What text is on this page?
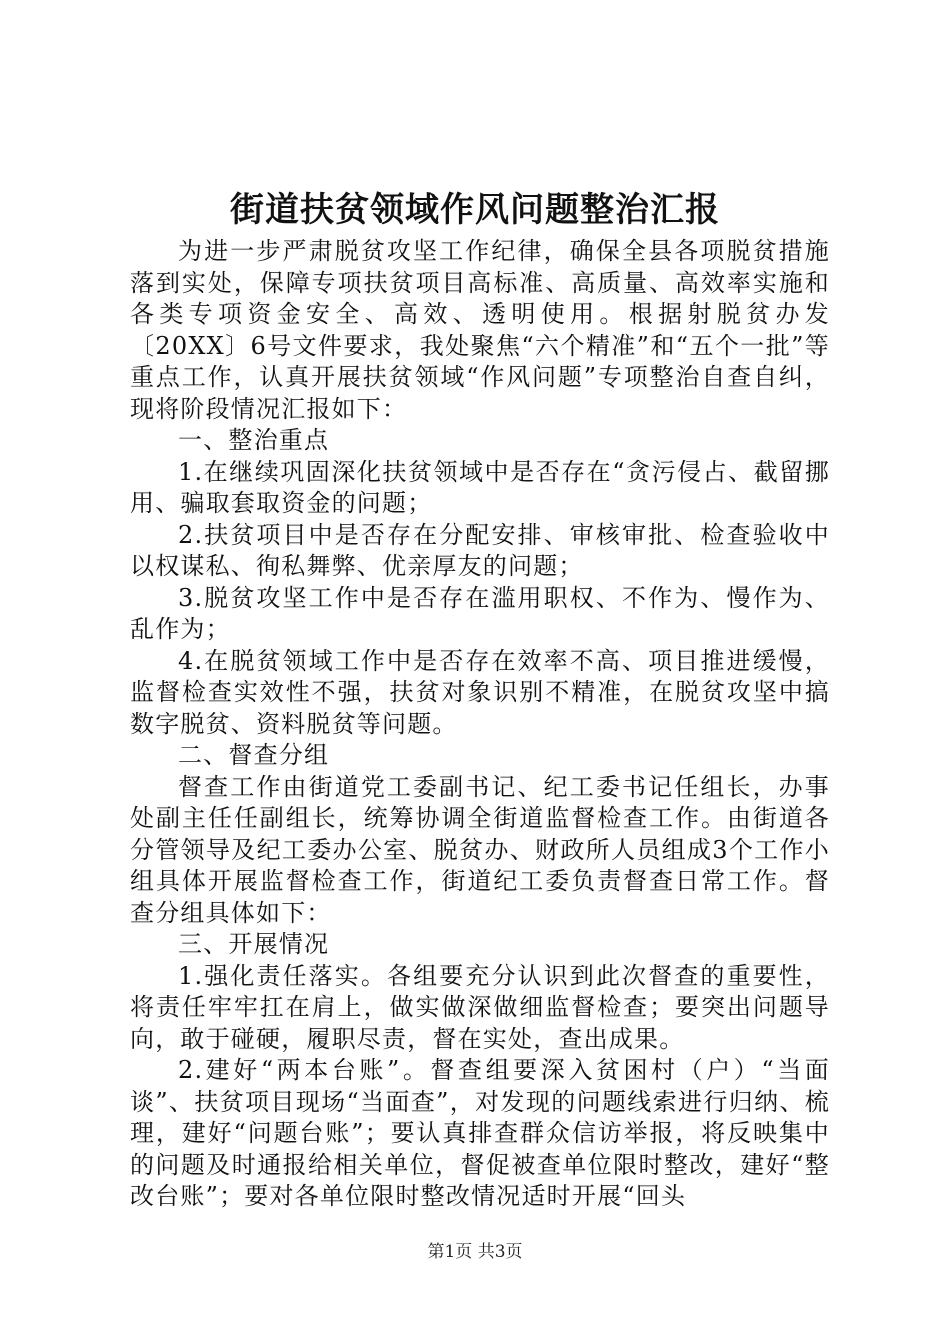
街道扶贫领域作风问题整治汇报

为进一步严肃脱贫攻坚工作纪律，确保全县各项脱贫措施落到实处，保障专项扶贫项目高标准、高质量、高效率实施和各类专项资金安全、高效、透明使用。根据射脱贫办发〔20XX〕6号文件要求，我处聚焦“六个精准”和“五个一批”等重点工作，认真开展扶贫领域“作风问题”专项整治自查自纠，现将阶段情况汇报如下：

一、整治重点

1.在继续巩固深化扶贫领域中是否存在“贪污侵占、截留挪用、骗取套取资金的问题；

2.扶贫项目中是否存在分配安排、审核审批、检查验收中以权谋私、徇私舞弊、优亲厚友的问题；

3.脱贫攻坚工作中是否存在滥用职权、不作为、慢作为、乱作为；

4.在脱贫领域工作中是否存在效率不高、项目推进缓慢，监督检查实效性不强，扶贫对象识别不精准，在脱贫攻坚中搞数字脱贫、资料脱贫等问题。

二、督查分组

督查工作由街道党工委副书记、纪工委书记任组长，办事处副主任任副组长，统筹协调全街道监督检查工作。由街道各分管领导及纪工委办公室、脱贫办、财政所人员组成3个工作小组具体开展监督检查工作，街道纪工委负责督查日常工作。督查分组具体如下：

三、开展情况

1.强化责任落实。各组要充分认识到此次督查的重要性，将责任牢牢扛在肩上，做实做深做细监督检查；要突出问题导向，敢于碰硬，履职尽责，督在实处，查出成果。

2.建好“两本台账”。督查组要深入贫困村（户）“当面谈”、扶贫项目现场“当面查”，对发现的问题线索进行归纳、梳理，建好“问题台账”；要认真排查群众信访举报，将反映集中的问题及时通报给相关单位，督促被查单位限时整改，建好“整改台账”；要对各单位限时整改情况适时开展“回头

第1页 共3页
